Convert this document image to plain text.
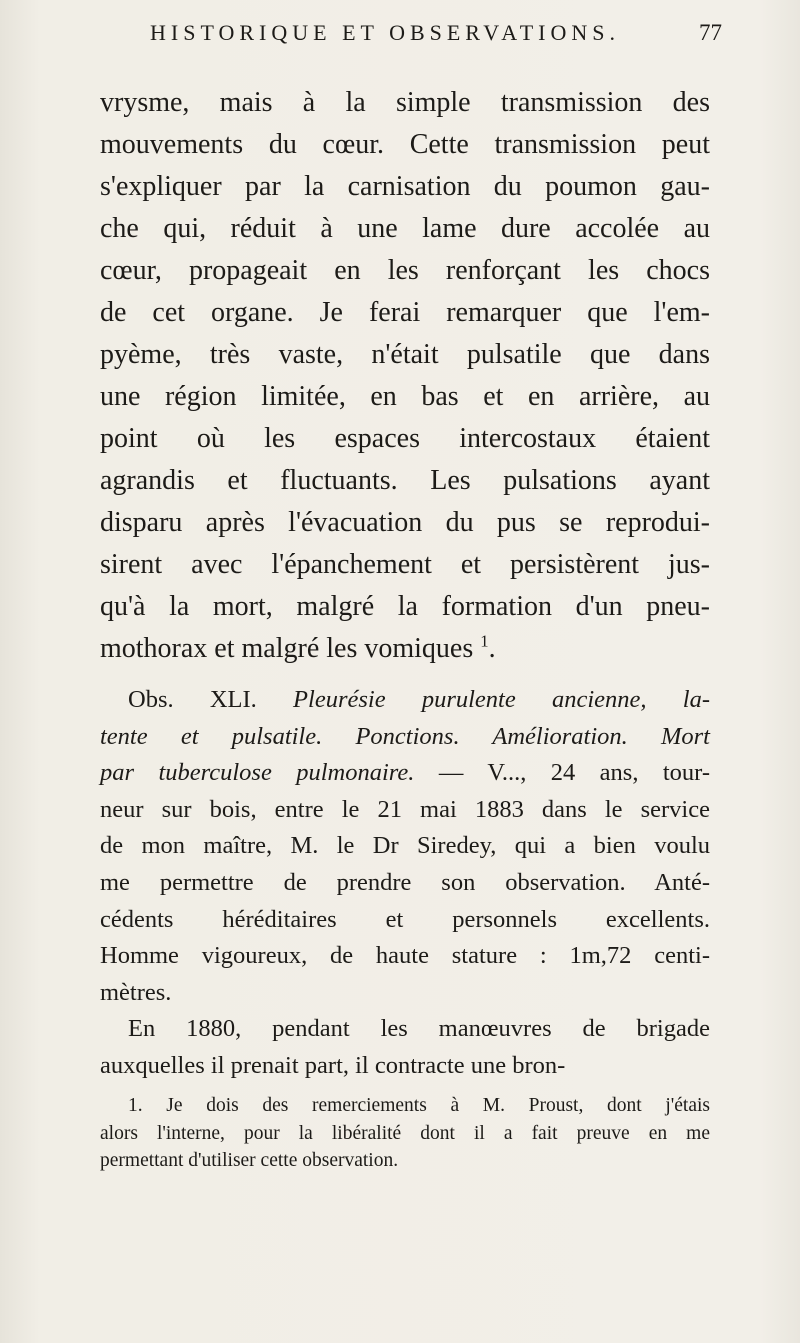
HISTORIQUE ET OBSERVATIONS.	77
vrysme, mais à la simple transmission des
mouvements du cœur. Cette transmission peut
s'expliquer par la carnisation du poumon gau-
che qui, réduit à une lame dure accolée au
cœur, propageait en les renforçant les chocs
de cet organe. Je ferai remarquer que l'em-
pyème, très vaste, n'était pulsatile que dans
une région limitée, en bas et en arrière, au
point où les espaces intercostaux étaient
agrandis et fluctuants. Les pulsations ayant
disparu après l'évacuation du pus se reprodui-
sirent avec l'épanchement et persistèrent jus-
qu'à la mort, malgré la formation d'un pneu-
mothorax et malgré les vomiques $^1$.
Obs. XLI. Pleurésie purulente ancienne, la-
tente et pulsatile. Ponctions. Amélioration. Mort
par tuberculose pulmonaire. — V..., 24 ans, tour-
neur sur bois, entre le 21 mai 1883 dans le service
de mon maître, M. le Dr Siredey, qui a bien voulu
me permettre de prendre son observation. Anté-
cédents héréditaires et personnels excellents.
Homme vigoureux, de haute stature : 1m,72 centi-
mètres.
En 1880, pendant les manœuvres de brigade
auxquelles il prenait part, il contracte une bron-
1. Je dois des remerciements à M. Proust, dont j'étais
alors l'interne, pour la libéralité dont il a fait preuve en me
permettant d'utiliser cette observation.
